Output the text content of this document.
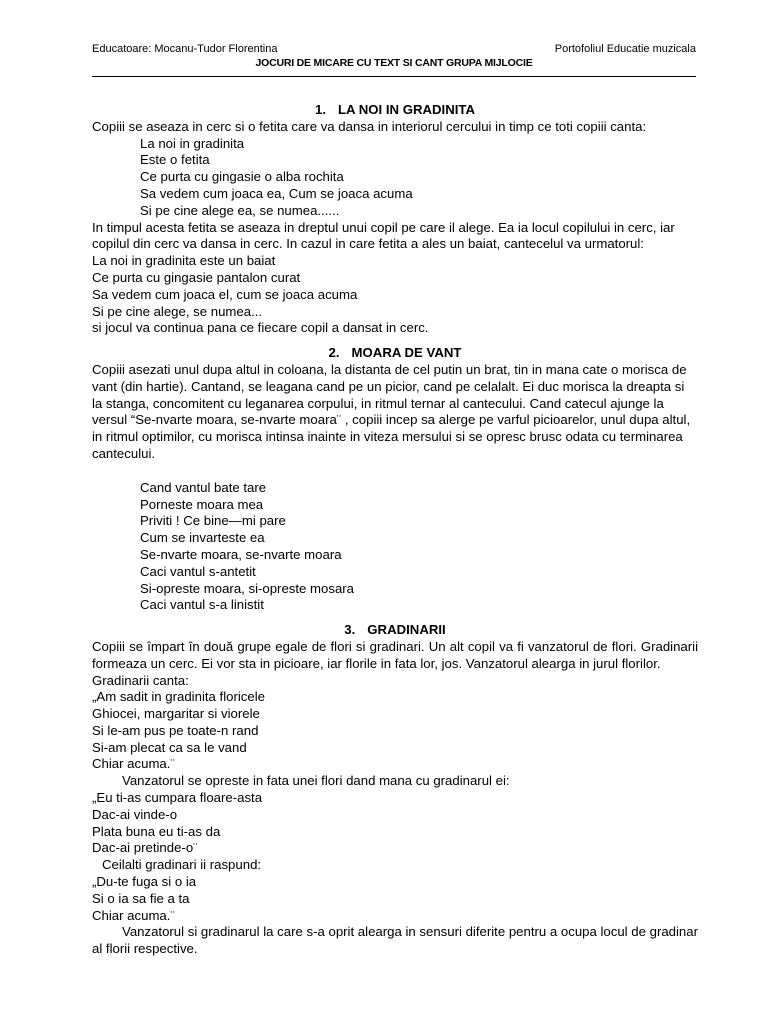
Educatoare: Mocanu-Tudor Florentina	Portofoliul Educatie muzicala
JOCURI DE MICARE CU TEXT SI CANT GRUPA MIJLOCIE

1. LA NOI IN GRADINITA

Copiii se aseaza in cerc si o fetita care va dansa in interiorul cercului in timp ce toti copiii canta:

La noi in gradinita

Este o fetita

Ce purta cu gingasie o alba rochita

Sa vedem cum joaca ea, Cum se joaca acuma

Si pe cine alege ea, se numea......

In timpul acesta fetita se aseaza in dreptul unui copil pe care il alege. Ea ia locul copilului in cerc, iar copilul din cerc va dansa in cerc. In cazul in care fetita a ales un baiat, cantecelul va urmatorul:

La noi in gradinita este un baiat

Ce purta cu gingasie pantalon curat

Sa vedem cum joaca el, cum se joaca acuma

Si pe cine alege, se numea...

si jocul va continua pana ce fiecare copil a dansat in cerc.

2. MOARA DE VANT

Copiii asezati unul dupa altul in coloana, la distanta de cel putin un brat, tin in mana cate o morisca de vant (din hartie). Cantand, se leagana cand pe un picior, cand pe celalalt. Ei duc morisca la dreapta si la stanga, concomitent cu leganarea corpului, in ritmul ternar al cantecului. Cand catecul ajunge la versul “Se-nvarte moara, se-nvarte moara¨ , copiii incep sa alerge pe varful picioarelor, unul dupa altul, in ritmul optimilor, cu morisca intinsa inainte in viteza mersului si se opresc brusc odata cu terminarea cantecului.

Cand vantul bate tare

Porneste moara mea

Priviti ! Ce bine—mi pare

Cum se invarteste ea

Se-nvarte moara, se-nvarte moara

Caci vantul s-antetit

Si-opreste moara, si-opreste mosara

Caci vantul s-a linistit

3. GRADINARII

Copiii se împart în două grupe egale de flori si gradinari. Un alt copil va fi vanzatorul de flori. Gradinarii formeaza un cerc. Ei vor sta in picioare, iar florile in fata lor, jos. Vanzatorul alearga in jurul florilor.

Gradinarii canta:

„Am sadit in gradinita floricele

Ghiocei, margaritar si viorele

Si le-am pus pe toate-n rand

Si-am plecat ca sa le vand

Chiar acuma.¨

Vanzatorul se opreste in fata unei flori dand mana cu gradinarul ei:

„Eu ti-as cumpara floare-asta

Dac-ai vinde-o

Plata buna eu ti-as da

Dac-ai pretinde-o¨

Ceilalti gradinari ii raspund:

„Du-te fuga si o ia

Si o ia sa fie a ta

Chiar acuma.¨

Vanzatorul si gradinarul la care s-a oprit alearga in sensuri diferite pentru a ocupa locul de gradinar al florii respective.
